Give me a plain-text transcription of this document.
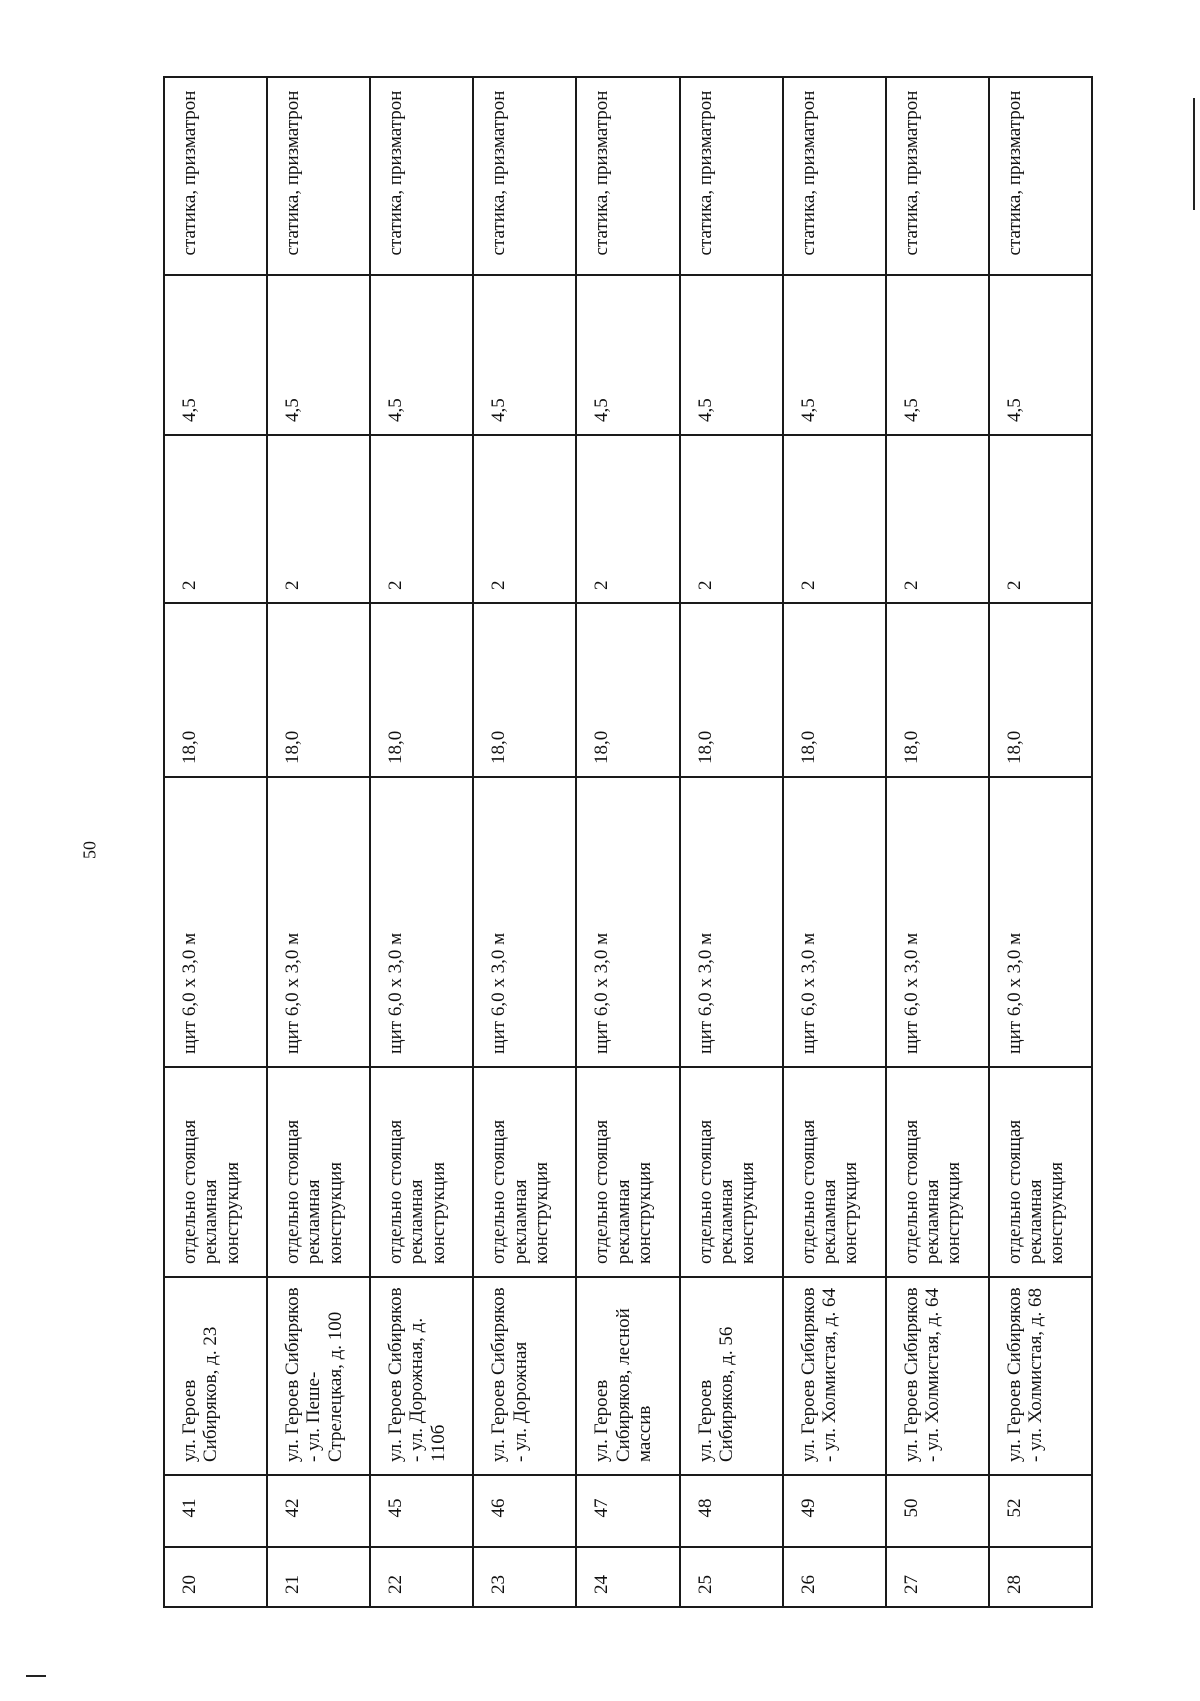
50
20	41	ул. Героев Сибиряков, д. 23	отдельно стоящая рекламная конструкция	щит 6,0 х 3,0 м	18,0	2	4,5	статика, призматрон
21	42	ул. Героев Сибиряков - ул. Пеше-Стрелецкая, д. 100	отдельно стоящая рекламная конструкция	щит 6,0 х 3,0 м	18,0	2	4,5	статика, призматрон
22	45	ул. Героев Сибиряков - ул. Дорожная, д. 110б	отдельно стоящая рекламная конструкция	щит 6,0 х 3,0 м	18,0	2	4,5	статика, призматрон
23	46	ул. Героев Сибиряков - ул. Дорожная	отдельно стоящая рекламная конструкция	щит 6,0 х 3,0 м	18,0	2	4,5	статика, призматрон
24	47	ул. Героев Сибиряков, лесной массив	отдельно стоящая рекламная конструкция	щит 6,0 х 3,0 м	18,0	2	4,5	статика, призматрон
25	48	ул. Героев Сибиряков, д. 56	отдельно стоящая рекламная конструкция	щит 6,0 х 3,0 м	18,0	2	4,5	статика, призматрон
26	49	ул. Героев Сибиряков - ул. Холмистая, д. 64	отдельно стоящая рекламная конструкция	щит 6,0 х 3,0 м	18,0	2	4,5	статика, призматрон
27	50	ул. Героев Сибиряков - ул. Холмистая, д. 64	отдельно стоящая рекламная конструкция	щит 6,0 х 3,0 м	18,0	2	4,5	статика, призматрон
28	52	ул. Героев Сибиряков - ул. Холмистая, д. 68	отдельно стоящая рекламная конструкция	щит 6,0 х 3,0 м	18,0	2	4,5	статика, призматрон
